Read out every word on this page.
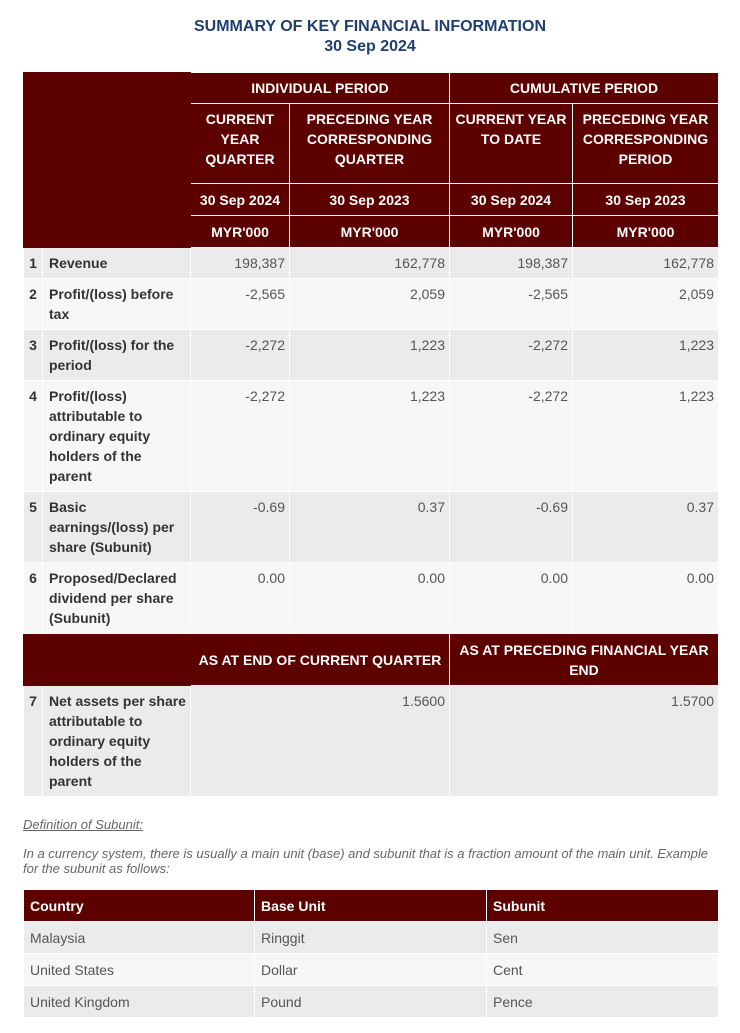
SUMMARY OF KEY FINANCIAL INFORMATION
30 Sep 2024
		INDIVIDUAL PERIOD		CUMULATIVE PERIOD	
		CURRENT YEAR QUARTER	PRECEDING YEAR CORRESPONDING QUARTER	CURRENT YEAR TO DATE	PRECEDING YEAR CORRESPONDING PERIOD
		30 Sep 2024	30 Sep 2023	30 Sep 2024	30 Sep 2023
		MYR'000	MYR'000	MYR'000	MYR'000
1	Revenue	198,387	162,778	198,387	162,778
2	Profit/(loss) before tax	-2,565	2,059	-2,565	2,059
3	Profit/(loss) for the period	-2,272	1,223	-2,272	1,223
4	Profit/(loss) attributable to ordinary equity holders of the parent	-2,272	1,223	-2,272	1,223
5	Basic earnings/(loss) per share (Subunit)	-0.69	0.37	-0.69	0.37
6	Proposed/Declared dividend per share (Subunit)	0.00	0.00	0.00	0.00
		AS AT END OF CURRENT QUARTER		AS AT PRECEDING FINANCIAL YEAR END	
7	Net assets per share attributable to ordinary equity holders of the parent	1.5600		1.5700	
Definition of Subunit:
In a currency system, there is usually a main unit (base) and subunit that is a fraction amount of the main unit. Example for the subunit as follows:
Country	Base Unit	Subunit
Malaysia	Ringgit	Sen
United States	Dollar	Cent
United Kingdom	Pound	Pence
